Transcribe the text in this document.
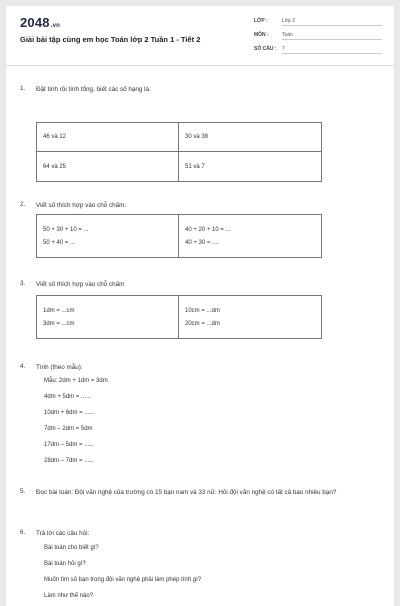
2048.vn
Giải bài tập cùng em học Toán lớp 2 Tuần 1 - Tiết 2
LỚP :	Lớp 2
MÔN :	Toán
SỐ CÂU : 7
1. Đặt tính rồi tính tổng, biết các số hạng là:
46 và 12	30 và 38
64 và 25	51 và 7
2. Viết số thích hợp vào chỗ chấm:
50 + 30 + 10 = ...
50 + 40 = ...
40 + 20 + 10 = ...
40 + 30 = ....
3. Viết số thích hợp vào chỗ chấm
1dm = ...cm
3dm = ...cm
10cm = ...dm
20cm = ...dm
4. Tính (theo mẫu):
Mẫu: 2dm + 1dm = 3dm
4dm + 5dm = ......
10dm + 6dm = ......
7dm – 2dm = 5dm
17dm – 5dm = ......
28dm – 7dm = ......
5. Đọc bài toán: Đội văn nghệ của trường có 15 bạn nam và 33 nữ. Hỏi đội văn nghệ có tất cả bao nhiêu bạn?
6. Trả lời các câu hỏi:
Bài toán cho biết gì?
Bài toán hỏi gì?
Muốn tìm số bạn trong đội văn nghệ phải làm phép tính gì?
Làm như thế nào?
